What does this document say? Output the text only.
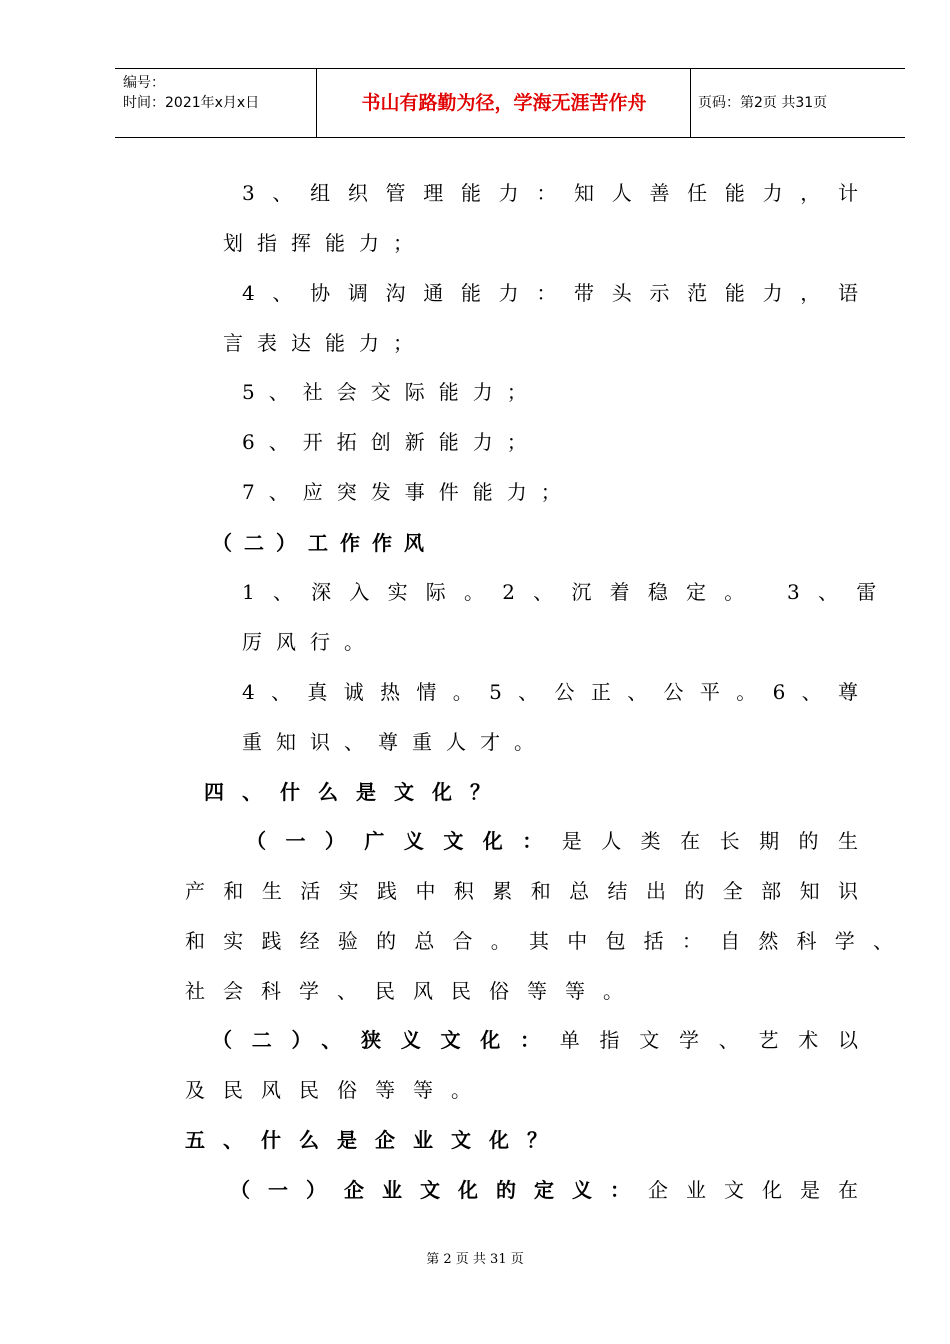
编号：
时间：2021年x月x日	书山有路勤为径，学海无涯苦作舟	页码：第2页 共31页
3、组织管理能力：知人善任能力，计
划指挥能力；
4、协调沟通能力：带头示范能力，语
言表达能力；
5、社会交际能力；
6、开拓创新能力；
7、应突发事件能力；
（二）工作作风
1、深入实际。2、沉着稳定。 3、雷
厉风行。
4、真诚热情。5、公正、公平。6、尊
重知识、尊重人才。
四、什么是文化？
（一）广义文化：是人类在长期的生
产和生活实践中积累和总结出的全部知识
和实践经验的总合。其中包括：自然科学、
社会科学、民风民俗等等。
（二）、狭义文化：单指文学、艺术以
及民风民俗等等。
五、什么是企业文化？
（一）企业文化的定义：企业文化是在
第 2 页 共 31 页
